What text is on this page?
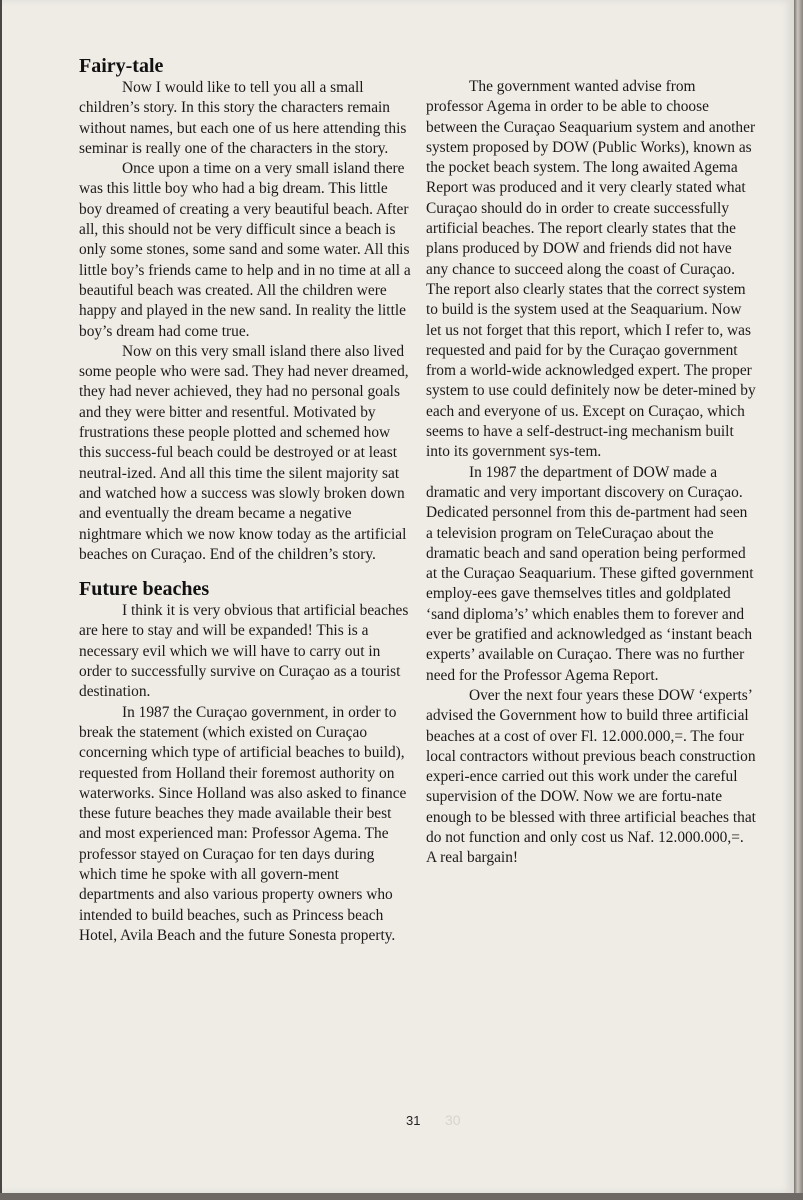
Fairy-tale

Now I would like to tell you all a small children’s story. In this story the characters remain without names, but each one of us here attending this seminar is really one of the characters in the story.

Once upon a time on a very small island there was this little boy who had a big dream. This little boy dreamed of creating a very beautiful beach. After all, this should not be very difficult since a beach is only some stones, some sand and some water. All this little boy’s friends came to help and in no time at all a beautiful beach was created. All the children were happy and played in the new sand. In reality the little boy’s dream had come true.

Now on this very small island there also lived some people who were sad. They had never dreamed, they had never achieved, they had no personal goals and they were bitter and resentful. Motivated by frustrations these people plotted and schemed how this success-ful beach could be destroyed or at least neutral-ized. And all this time the silent majority sat and watched how a success was slowly broken down and eventually the dream became a negative nightmare which we now know today as the artificial beaches on Curaçao. End of the children’s story.

Future beaches

I think it is very obvious that artificial beaches are here to stay and will be expanded! This is a necessary evil which we will have to carry out in order to successfully survive on Curaçao as a tourist destination.

In 1987 the Curaçao government, in order to break the statement (which existed on Curaçao concerning which type of artificial beaches to build), requested from Holland their foremost authority on waterworks. Since Holland was also asked to finance these future beaches they made available their best and most experienced man: Professor Agema. The professor stayed on Curaçao for ten days during which time he spoke with all govern-ment departments and also various property owners who intended to build beaches, such as Princess beach Hotel, Avila Beach and the future Sonesta property.

The government wanted advise from professor Agema in order to be able to choose between the Curaçao Seaquarium system and another system proposed by DOW (Public Works), known as the pocket beach system. The long awaited Agema Report was produced and it very clearly stated what Curaçao should do in order to create successfully artificial beaches. The report clearly states that the plans produced by DOW and friends did not have any chance to succeed along the coast of Curaçao. The report also clearly states that the correct system to build is the system used at the Seaquarium. Now let us not forget that this report, which I refer to, was requested and paid for by the Curaçao government from a world-wide acknowledged expert. The proper system to use could definitely now be deter-mined by each and everyone of us. Except on Curaçao, which seems to have a self-destruct-ing mechanism built into its government sys-tem.

In 1987 the department of DOW made a dramatic and very important discovery on Curaçao. Dedicated personnel from this de-partment had seen a television program on TeleCuraçao about the dramatic beach and sand operation being performed at the Curaçao Seaquarium. These gifted government employ-ees gave themselves titles and goldplated ‘sand diploma’s’ which enables them to forever and ever be gratified and acknowledged as ‘instant beach experts’ available on Curaçao. There was no further need for the Professor Agema Report.

Over the next four years these DOW ‘experts’ advised the Government how to build three artificial beaches at a cost of over Fl. 12.000.000,=. The four local contractors without previous beach construction experi-ence carried out this work under the careful supervision of the DOW. Now we are fortu-nate enough to be blessed with three artificial beaches that do not function and only cost us Naf. 12.000.000,=. A real bargain!

31 30
